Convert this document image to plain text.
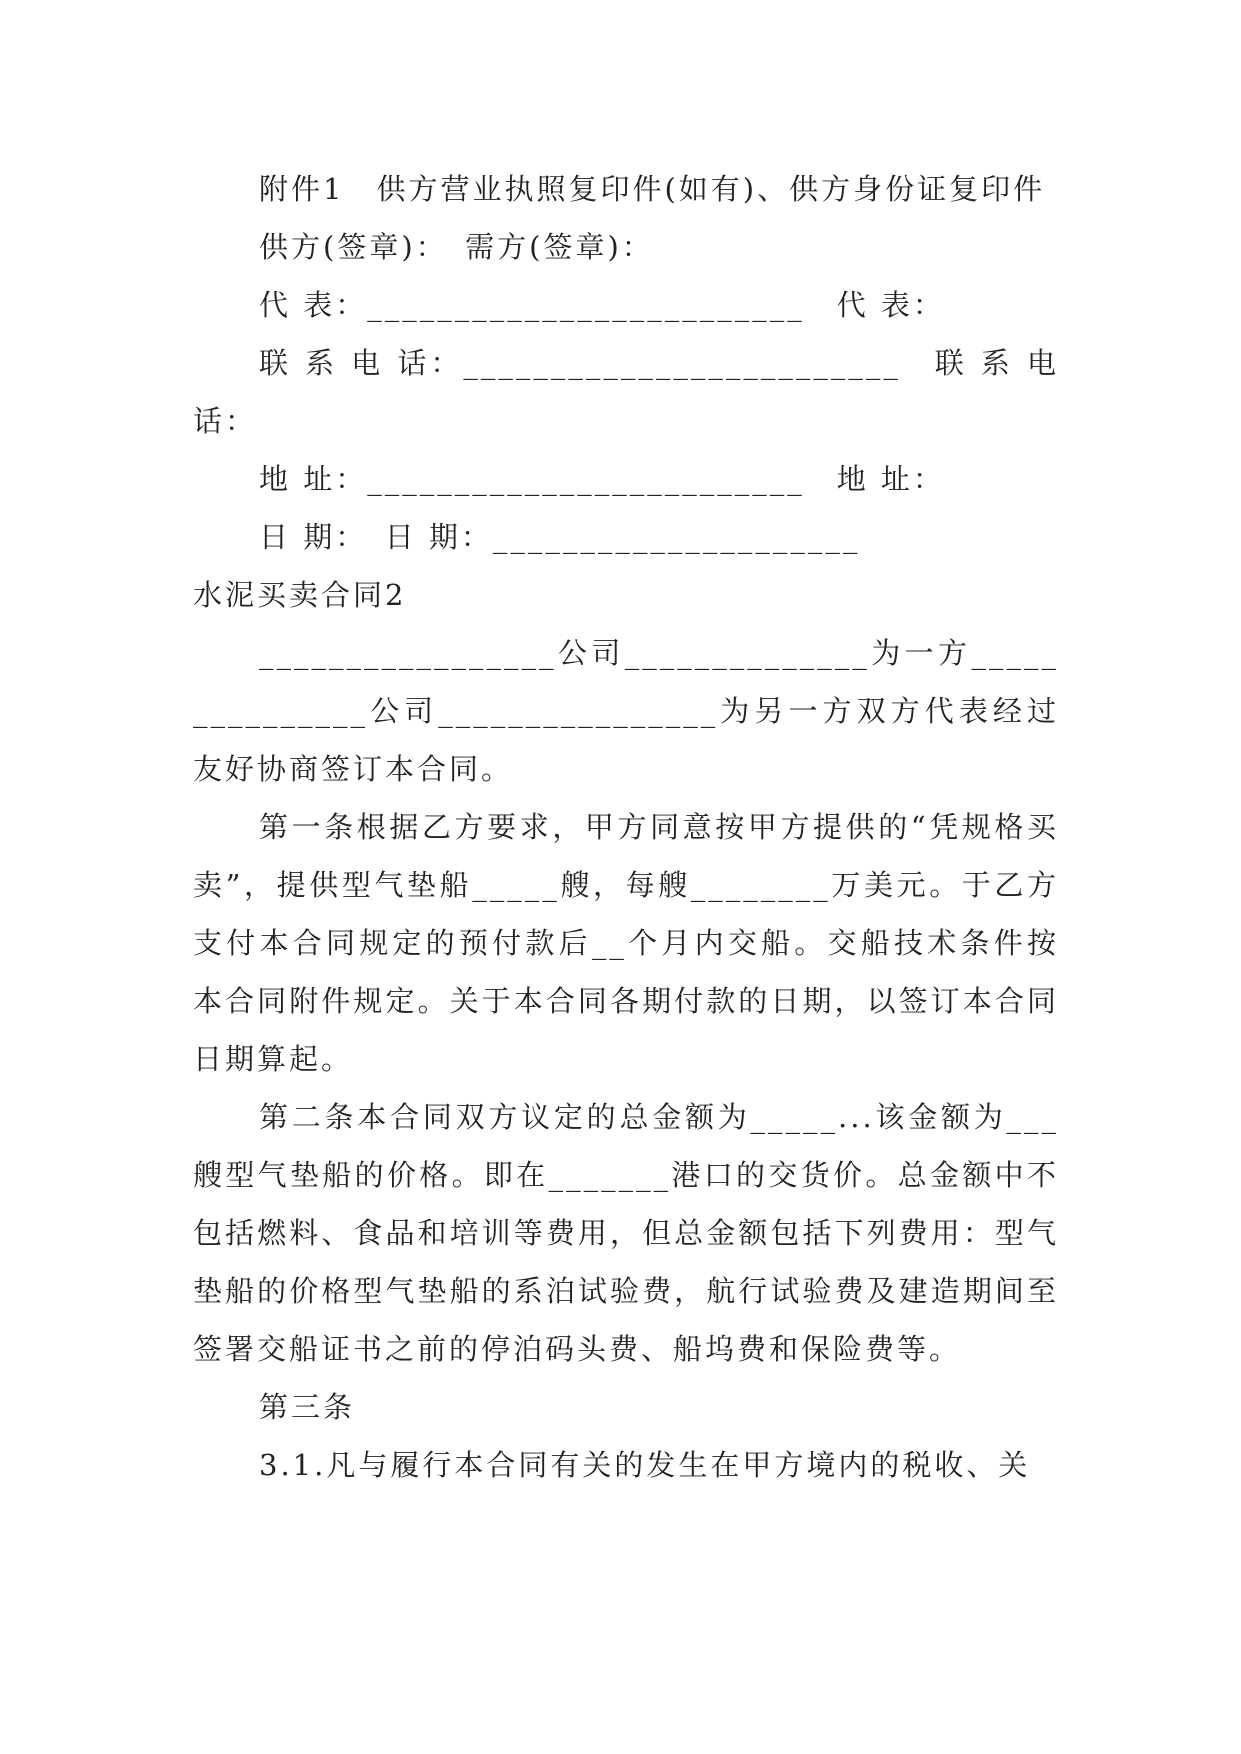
附件1　供方营业执照复印件(如有)、供方身份证复印件

供方(签章)：　需方(签章)：

代 表：_________________________　代 表：

联 系 电 话：_________________________　联 系 电 话：

地 址：_________________________　地 址：

日 期：　日 期：_____________________

水泥买卖合同2

_________________公司______________为一方_______________公司________________为另一方双方代表经过友好协商签订本合同。

第一条根据乙方要求，甲方同意按甲方提供的“凭规格买卖”，提供型气垫船_____艘，每艘________万美元。于乙方支付本合同规定的预付款后__个月内交船。交船技术条件按本合同附件规定。关于本合同各期付款的日期，以签订本合同日期算起。

第二条本合同双方议定的总金额为_____...该金额为___艘型气垫船的价格。即在_______港口的交货价。总金额中不包括燃料、食品和培训等费用，但总金额包括下列费用：型气垫船的价格型气垫船的系泊试验费，航行试验费及建造期间至签署交船证书之前的停泊码头费、船坞费和保险费等。

第三条

3.1.凡与履行本合同有关的发生在甲方境内的税收、关
